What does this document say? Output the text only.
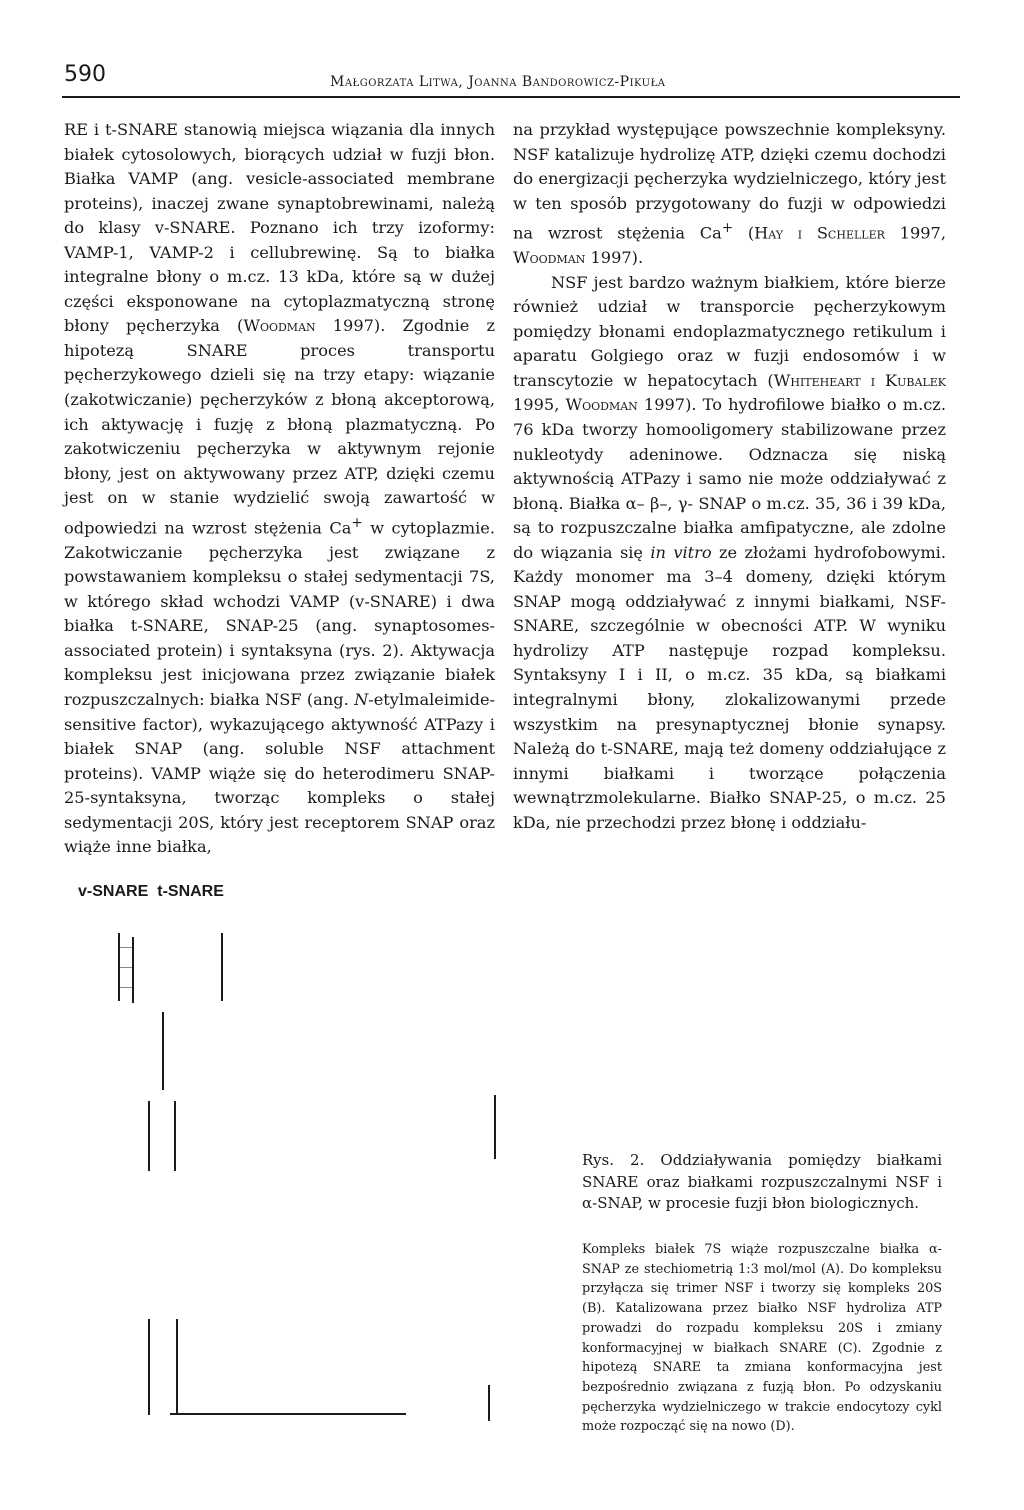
590	Małgorzata Litwa, Joanna Bandorowicz-Pikuła

RE i t-SNARE stanowią miejsca wiązania dla innych białek cytosolowych, biorących udział w fuzji błon. Białka VAMP (ang. vesicle-associated membrane proteins), inaczej zwane synaptobrewinami, należą do klasy v-SNARE. Poznano ich trzy izoformy: VAMP-1, VAMP-2 i cellubrewinę. Są to białka integralne błony o m.cz. 13 kDa, które są w dużej części eksponowane na cytoplazmatyczną stronę błony pęcherzyka (Woodman 1997). Zgodnie z hipotezą SNARE proces transportu pęcherzykowego dzieli się na trzy etapy: wiązanie (zakotwiczanie) pęcherzyków z błoną akceptorową, ich aktywację i fuzję z błoną plazmatyczną. Po zakotwiczeniu pęcherzyka w aktywnym rejonie błony, jest on aktywowany przez ATP, dzięki czemu jest on w stanie wydzielić swoją zawartość w odpowiedzi na wzrost stężenia Ca+ w cytoplazmie. Zakotwiczanie pęcherzyka jest związane z powstawaniem kompleksu o stałej sedymentacji 7S, w którego skład wchodzi VAMP (v-SNARE) i dwa białka t-SNARE, SNAP-25 (ang. synaptosomes-associated protein) i syntaksyna (rys. 2). Aktywacja kompleksu jest inicjowana przez związanie białek rozpuszczalnych: białka NSF (ang. N-etylmaleimide-sensitive factor), wykazującego aktywność ATPazy i białek SNAP (ang. soluble NSF attachment proteins). VAMP wiąże się do heterodimeru SNAP-25-syntaksyna, tworząc kompleks o stałej sedymentacji 20S, który jest receptorem SNAP oraz wiąże inne białka,

na przykład występujące powszechnie kompleksyny. NSF katalizuje hydrolizę ATP, dzięki czemu dochodzi do energizacji pęcherzyka wydzielniczego, który jest w ten sposób przygotowany do fuzji w odpowiedzi na wzrost stężenia Ca+ (Hay i Scheller 1997, Woodman 1997).

NSF jest bardzo ważnym białkiem, które bierze również udział w transporcie pęcherzykowym pomiędzy błonami endoplazmatycznego retikulum i aparatu Golgiego oraz w fuzji endosomów i w transcytozie w hepatocytach (Whiteheart i Kubalek 1995, Woodman 1997). To hydrofilowe białko o m.cz. 76 kDa tworzy homooligomery stabilizowane przez nukleotydy adeninowe. Odznacza się niską aktywnością ATPazy i samo nie może oddziaływać z błoną. Białka α– β–, γ- SNAP o m.cz. 35, 36 i 39 kDa, są to rozpuszczalne białka amfipatyczne, ale zdolne do wiązania się in vitro ze złożami hydrofobowymi. Każdy monomer ma 3–4 domeny, dzięki którym SNAP mogą oddziaływać z innymi białkami, NSF-SNARE, szczególnie w obecności ATP. W wyniku hydrolizy ATP następuje rozpad kompleksu. Syntaksyny I i II, o m.cz. 35 kDa, są białkami integralnymi błony, zlokalizowanymi przede wszystkim na presynaptycznej błonie synapsy. Należą do t-SNARE, mają też domeny oddziałujące z innymi białkami i tworzące połączenia wewnątrzmolekularne. Białko SNAP-25, o m.cz. 25 kDa, nie przechodzi przez błonę i oddziału-

v-SNARE t-SNARE

Rys. 2. Oddziaływania pomiędzy białkami SNARE oraz białkami rozpuszczalnymi NSF i α-SNAP, w procesie fuzji błon biologicznych.

Kompleks białek 7S wiąże rozpuszczalne białka α-SNAP ze stechiometrią 1:3 mol/mol (A). Do kompleksu przyłącza się trimer NSF i tworzy się kompleks 20S (B). Katalizowana przez białko NSF hydroliza ATP prowadzi do rozpadu kompleksu 20S i zmiany konformacyjnej w białkach SNARE (C). Zgodnie z hipotezą SNARE ta zmiana konformacyjna jest bezpośrednio związana z fuzją błon. Po odzyskaniu pęcherzyka wydzielniczego w trakcie endocytozy cykl może rozpocząć się na nowo (D).
